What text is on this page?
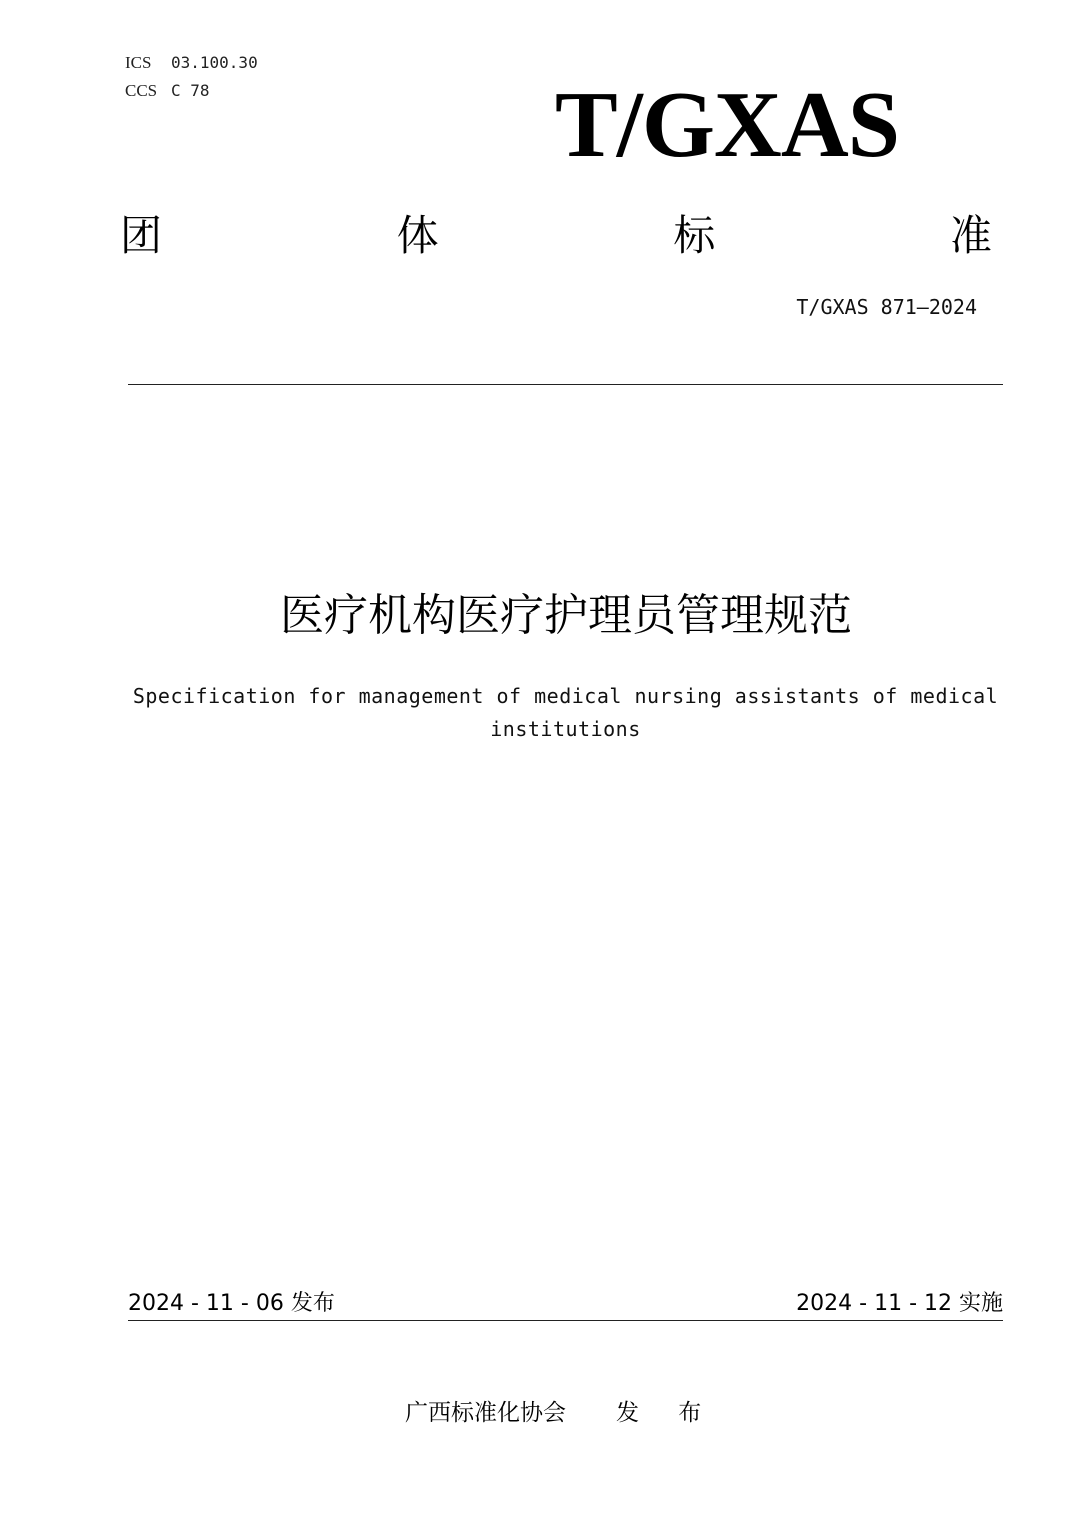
ICS 03.100.30
CCS C 78	T/GXAS
团	体	标	准
T/GXAS 871—2024
医疗机构医疗护理员管理规范
Specification for management of medical nursing assistants of medical institutions
2024 - 11 - 06 发布	2024 - 11 - 12 实施
广西标准化协会 发 布
